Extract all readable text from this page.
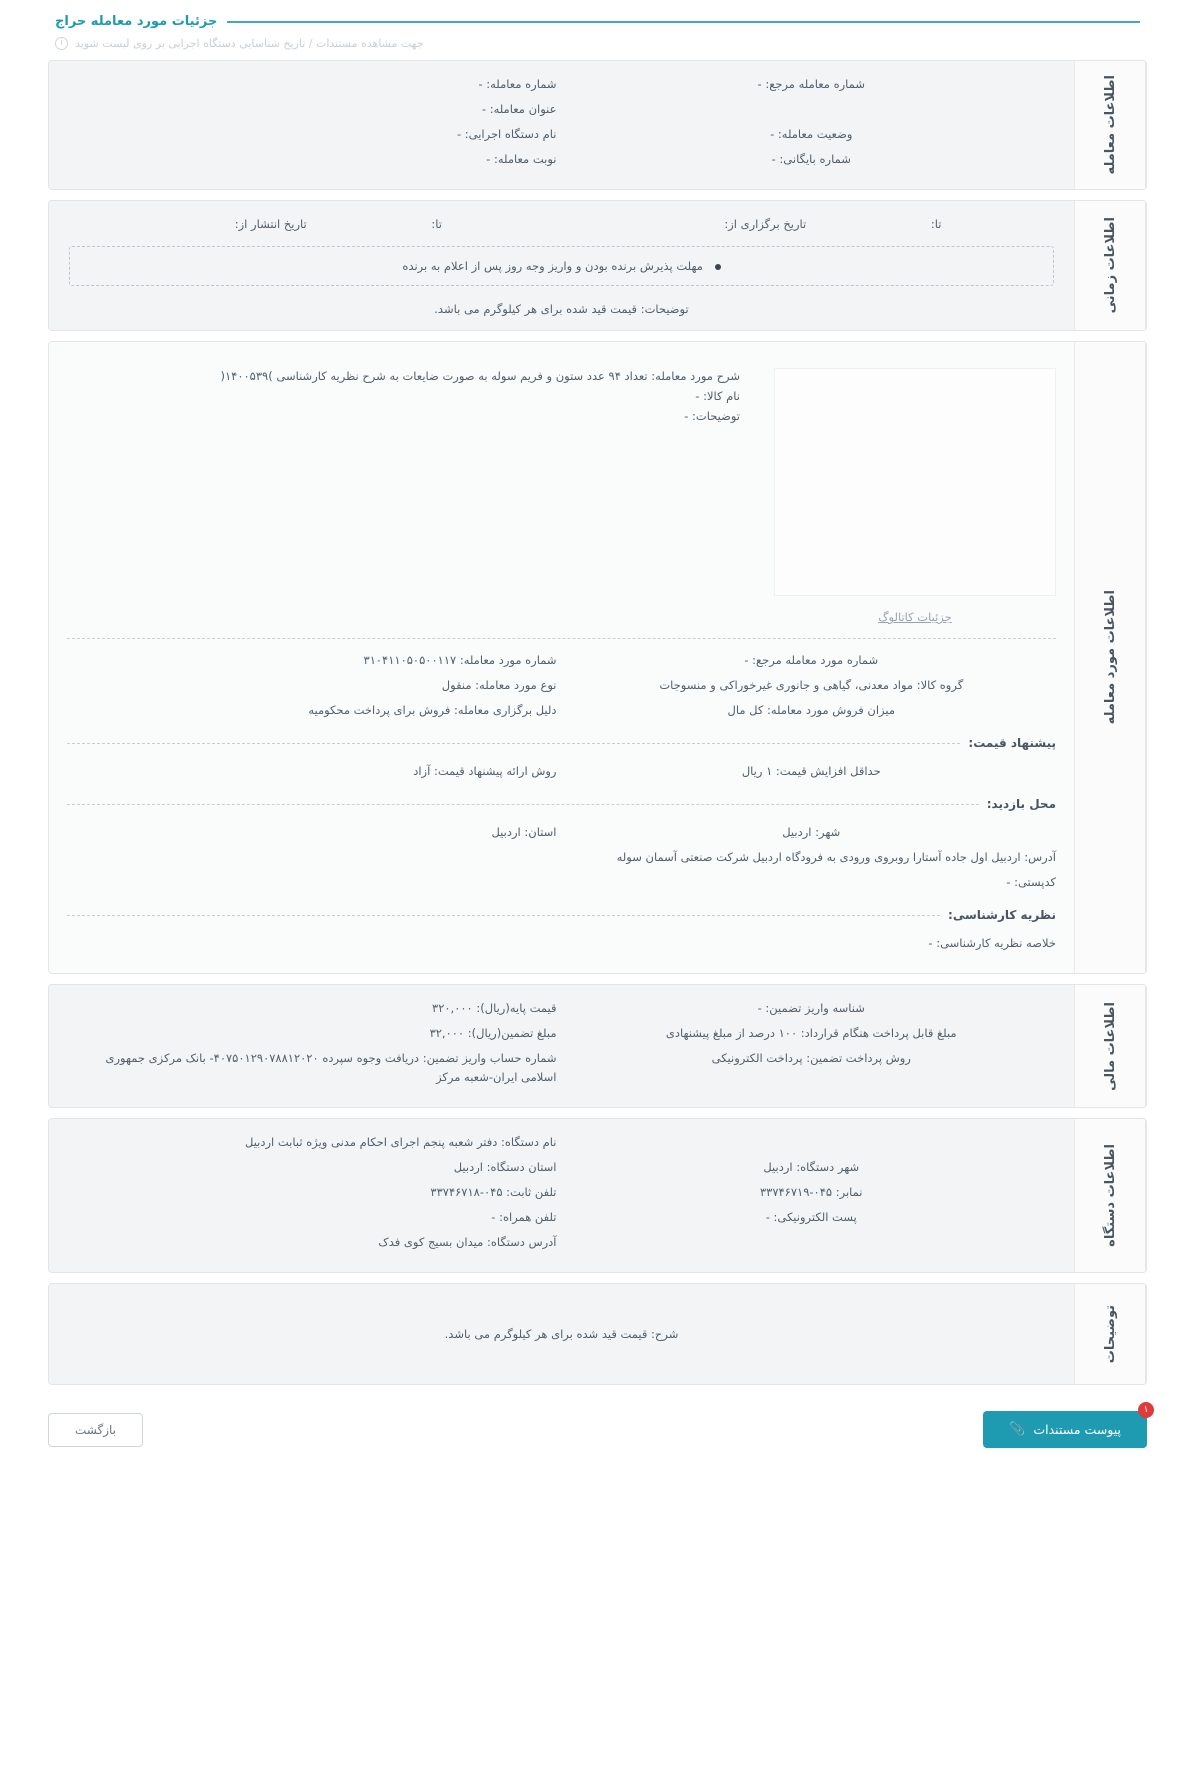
جزئیات مورد معامله حراج
جهت مشاهده مستندات / تاریخ شناسایی دستگاه اجرایی بر روی لیست شوید
i
اطلاعات معامله
شماره معامله مرجع: -
شماره معامله: -
عنوان معامله: -
وضعیت معامله: -
نام دستگاه اجرایی: -
شماره بایگانی: -
نوبت معامله: -
اطلاعات زمانی
تا:
تاریخ برگزاری از:
تا:
تاریخ انتشار از:
مهلت پذیرش برنده بودن و واریز وجه روز پس از اعلام به برنده
توضیحات: قیمت قید شده برای هر کیلوگرم می باشد.
اطلاعات مورد معامله
شرح مورد معامله: تعداد ۹۴ عدد ستون و فریم سوله به صورت ضایعات به شرح نظریه کارشناسی )۱۴۰۰۵۳۹(
نام کالا: -
توضیحات: -
جزئیات کاتالوگ
شماره مورد معامله مرجع: -
شماره مورد معامله: ۳۱۰۴۱۱۰۵۰۵۰۰۱۱۷
گروه کالا: مواد معدنی، گیاهی و جانوری غیرخوراکی و منسوجات
نوع مورد معامله: منقول
میزان فروش مورد معامله: کل مال
دلیل برگزاری معامله: فروش برای پرداخت محکومیه
پیشنهاد قیمت:
حداقل افزایش قیمت: ۱ ریال
روش ارائه پیشنهاد قیمت: آزاد
محل بازدید:
شهر: اردبیل
استان: اردبیل
آدرس: اردبیل اول جاده آستارا روبروی ورودی به فرودگاه اردبیل شرکت صنعتی آسمان سوله
کدپستی: -
نظریه کارشناسی:
خلاصه نظریه کارشناسی: -
اطلاعات مالی
شناسه واریز تضمین: -
قیمت پایه(ریال): ۳۲۰,۰۰۰
مبلغ قابل پرداخت هنگام قرارداد: ۱۰۰ درصد از مبلغ پیشنهادی
مبلغ تضمین(ریال): ۳۲,۰۰۰
روش پرداخت تضمین: پرداخت الکترونیکی
شماره حساب واریز تضمین: دریافت وجوه سپرده ۴۰۷۵۰۱۲۹۰۷۸۸۱۲۰۲۰- بانک مرکزی جمهوری اسلامی ایران-شعبه مرکز
اطلاعات دستگاه
نام دستگاه: دفتر شعبه پنجم اجرای احکام مدنی ویژه ثبابت اردبیل
شهر دستگاه: اردبیل
استان دستگاه: اردبیل
نمابر: ۰۴۵-۳۳۷۴۶۷۱۹
تلفن ثابت: ۰۴۵-۳۳۷۴۶۷۱۸
پست الکترونیکی: -
تلفن همراه: -
آدرس دستگاه: میدان بسیج کوی فدک
توضیحات
شرح: قیمت قید شده برای هر کیلوگرم می باشد.
۱
پیوست مستندات
📎
بازگشت
